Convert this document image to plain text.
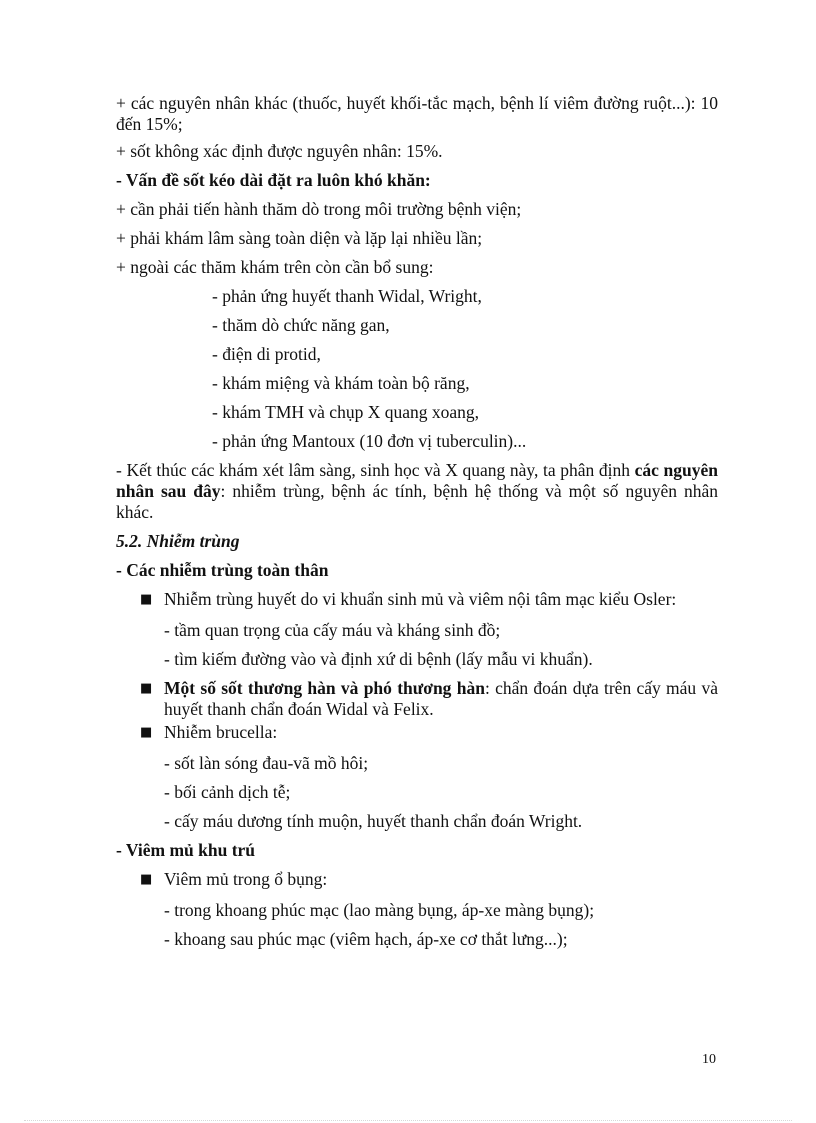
+ các nguyên nhân khác (thuốc, huyết khối-tắc mạch, bệnh lí viêm đường ruột...): 10 đến 15%;

+ sốt không xác định được nguyên nhân: 15%.

- Vấn đề sốt kéo dài đặt ra luôn khó khăn:

+ cần phải tiến hành thăm dò trong môi trường bệnh viện;

+ phải khám lâm sàng toàn diện và lặp lại nhiều lần;

+ ngoài các thăm khám trên còn cần bổ sung:

- phản ứng huyết thanh Widal, Wright,

- thăm dò chức năng gan,

- điện di protid,

- khám miệng và khám toàn bộ răng,

- khám TMH và chụp X quang xoang,

- phản ứng Mantoux (10 đơn vị tuberculin)...

- Kết thúc các khám xét lâm sàng, sinh học và X quang này, ta phân định các nguyên nhân sau đây: nhiễm trùng, bệnh ác tính, bệnh hệ thống và một số nguyên nhân khác.

5.2. Nhiễm trùng

- Các nhiễm trùng toàn thân

■ Nhiễm trùng huyết do vi khuẩn sinh mủ và viêm nội tâm mạc kiểu Osler:
- tầm quan trọng của cấy máu và kháng sinh đồ;
- tìm kiếm đường vào và định xứ di bệnh (lấy mẫu vi khuẩn).
■ Một số sốt thương hàn và phó thương hàn: chẩn đoán dựa trên cấy máu và huyết thanh chẩn đoán Widal và Felix.
■ Nhiễm brucella:
- sốt làn sóng đau-vã mồ hôi;
- bối cảnh dịch tễ;
- cấy máu dương tính muộn, huyết thanh chẩn đoán Wright.

- Viêm mủ khu trú

■ Viêm mủ trong ổ bụng:
- trong khoang phúc mạc (lao màng bụng, áp-xe màng bụng);
- khoang sau phúc mạc (viêm hạch, áp-xe cơ thắt lưng...);
10
